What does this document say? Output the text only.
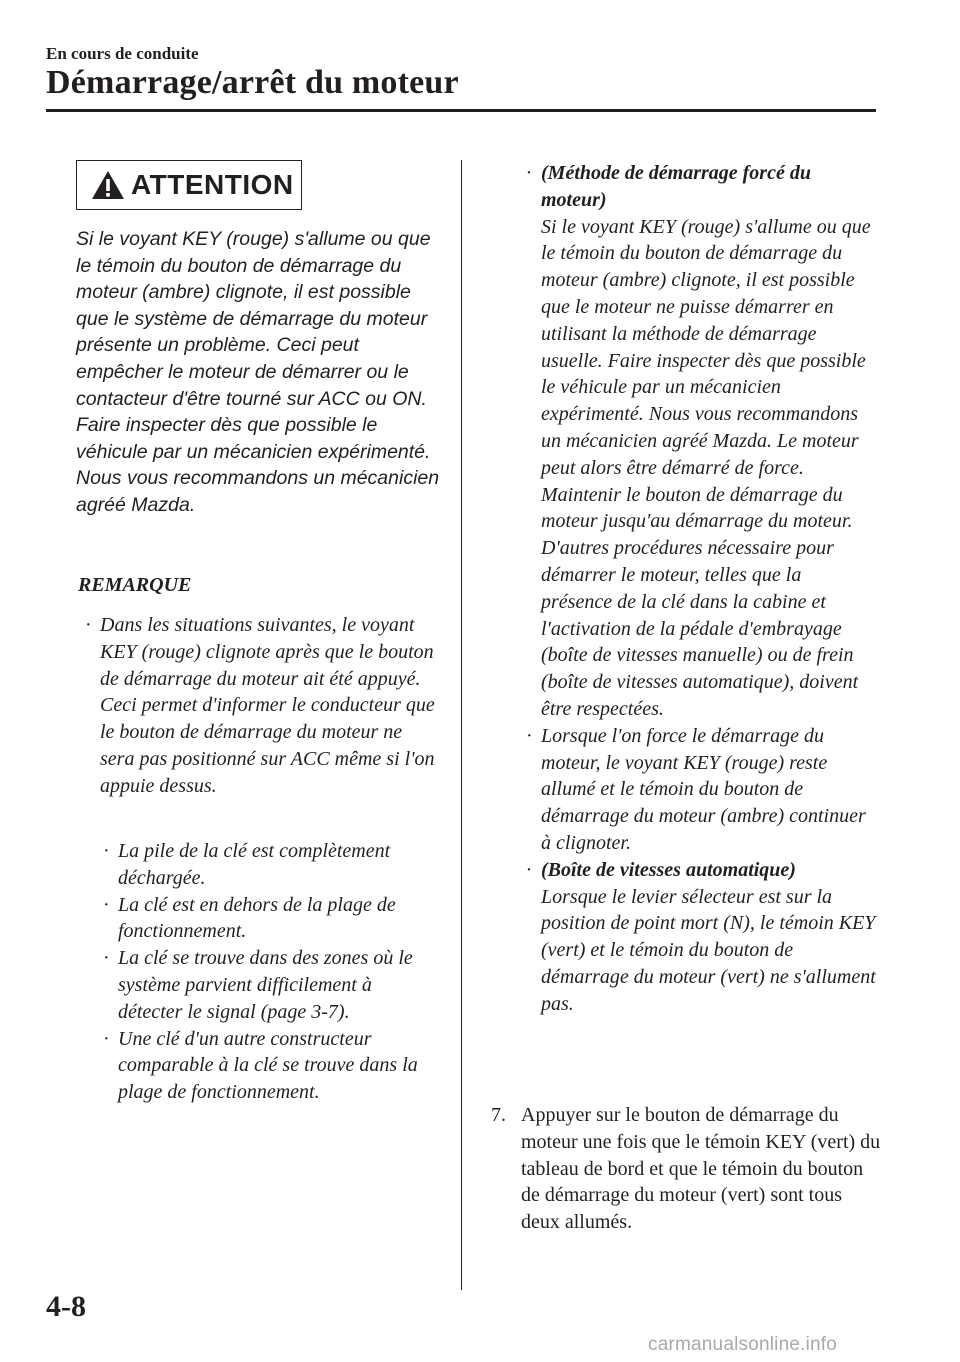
En cours de conduite
Démarrage/arrêt du moteur
ATTENTION
Si le voyant KEY (rouge) s'allume ou que le témoin du bouton de démarrage du moteur (ambre) clignote, il est possible que le système de démarrage du moteur présente un problème. Ceci peut empêcher le moteur de démarrer ou le contacteur d'être tourné sur ACC ou ON. Faire inspecter dès que possible le véhicule par un mécanicien expérimenté. Nous vous recommandons un mécanicien agréé Mazda.
REMARQUE
· Dans les situations suivantes, le voyant KEY (rouge) clignote après que le bouton de démarrage du moteur ait été appuyé. Ceci permet d'informer le conducteur que le bouton de démarrage du moteur ne sera pas positionné sur ACC même si l'on appuie dessus.
· La pile de la clé est complètement déchargée.
· La clé est en dehors de la plage de fonctionnement.
· La clé se trouve dans des zones où le système parvient difficilement à détecter le signal (page 3-7).
· Une clé d'un autre constructeur comparable à la clé se trouve dans la plage de fonctionnement.
· (Méthode de démarrage forcé du moteur)
Si le voyant KEY (rouge) s'allume ou que le témoin du bouton de démarrage du moteur (ambre) clignote, il est possible que le moteur ne puisse démarrer en utilisant la méthode de démarrage usuelle. Faire inspecter dès que possible le véhicule par un mécanicien expérimenté. Nous vous recommandons un mécanicien agréé Mazda. Le moteur peut alors être démarré de force. Maintenir le bouton de démarrage du moteur jusqu'au démarrage du moteur. D'autres procédures nécessaire pour démarrer le moteur, telles que la présence de la clé dans la cabine et l'activation de la pédale d'embrayage (boîte de vitesses manuelle) ou de frein (boîte de vitesses automatique), doivent être respectées.
· Lorsque l'on force le démarrage du moteur, le voyant KEY (rouge) reste allumé et le témoin du bouton de démarrage du moteur (ambre) continuer à clignoter.
· (Boîte de vitesses automatique)
Lorsque le levier sélecteur est sur la position de point mort (N), le témoin KEY (vert) et le témoin du bouton de démarrage du moteur (vert) ne s'allument pas.
7. Appuyer sur le bouton de démarrage du moteur une fois que le témoin KEY (vert) du tableau de bord et que le témoin du bouton de démarrage du moteur (vert) sont tous deux allumés.
4-8
carmanualsonline.info
